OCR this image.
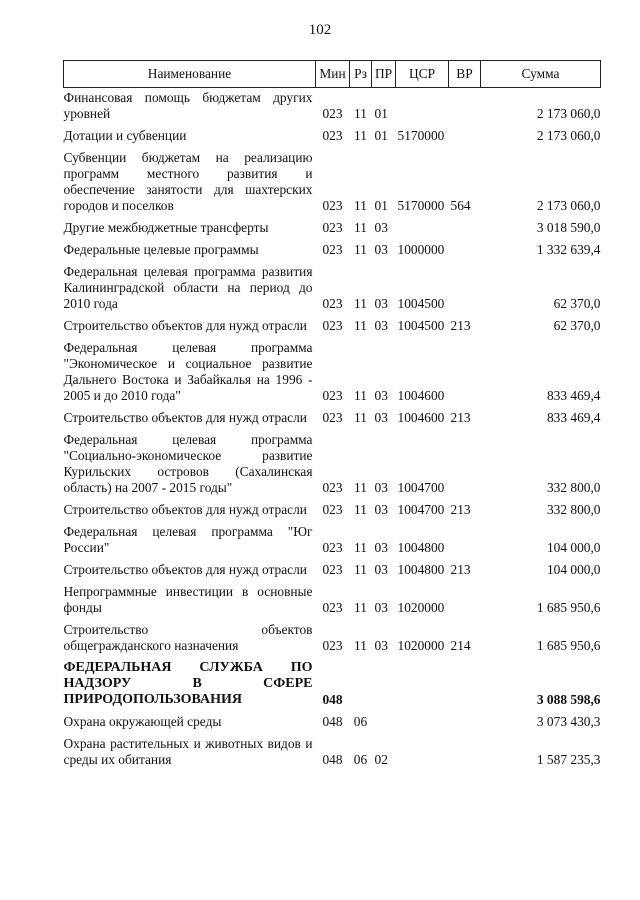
102
Наименование	Мин	Рз	ПР	ЦСР	ВР	Сумма
Финансовая помощь бюджетам других уровней	023	11	01			2 173 060,0
Дотации и субвенции	023	11	01	5170000		2 173 060,0
Субвенции бюджетам на реализацию программ местного развития и обеспечение занятости для шахтерских городов и поселков	023	11	01	5170000	564	2 173 060,0
Другие межбюджетные трансферты	023	11	03			3 018 590,0
Федеральные целевые программы	023	11	03	1000000		1 332 639,4
Федеральная целевая программа развития Калининградской области на период до 2010 года	023	11	03	1004500		62 370,0
Строительство объектов для нужд отрасли	023	11	03	1004500	213	62 370,0
Федеральная целевая программа "Экономическое и социальное развитие Дальнего Востока и Забайкалья на 1996 - 2005 и до 2010 года"	023	11	03	1004600		833 469,4
Строительство объектов для нужд отрасли	023	11	03	1004600	213	833 469,4
Федеральная целевая программа "Социально-экономическое развитие Курильских островов (Сахалинская область) на 2007 - 2015 годы"	023	11	03	1004700		332 800,0
Строительство объектов для нужд отрасли	023	11	03	1004700	213	332 800,0
Федеральная целевая программа "Юг России"	023	11	03	1004800		104 000,0
Строительство объектов для нужд отрасли	023	11	03	1004800	213	104 000,0
Непрограммные инвестиции в основные фонды	023	11	03	1020000		1 685 950,6
Строительство объектов общегражданского назначения	023	11	03	1020000	214	1 685 950,6
ФЕДЕРАЛЬНАЯ СЛУЖБА ПО НАДЗОРУ В СФЕРЕ ПРИРОДОПОЛЬЗОВАНИЯ	048					3 088 598,6
Охрана окружающей среды	048	06				3 073 430,3
Охрана растительных и животных видов и среды их обитания	048	06	02			1 587 235,3
